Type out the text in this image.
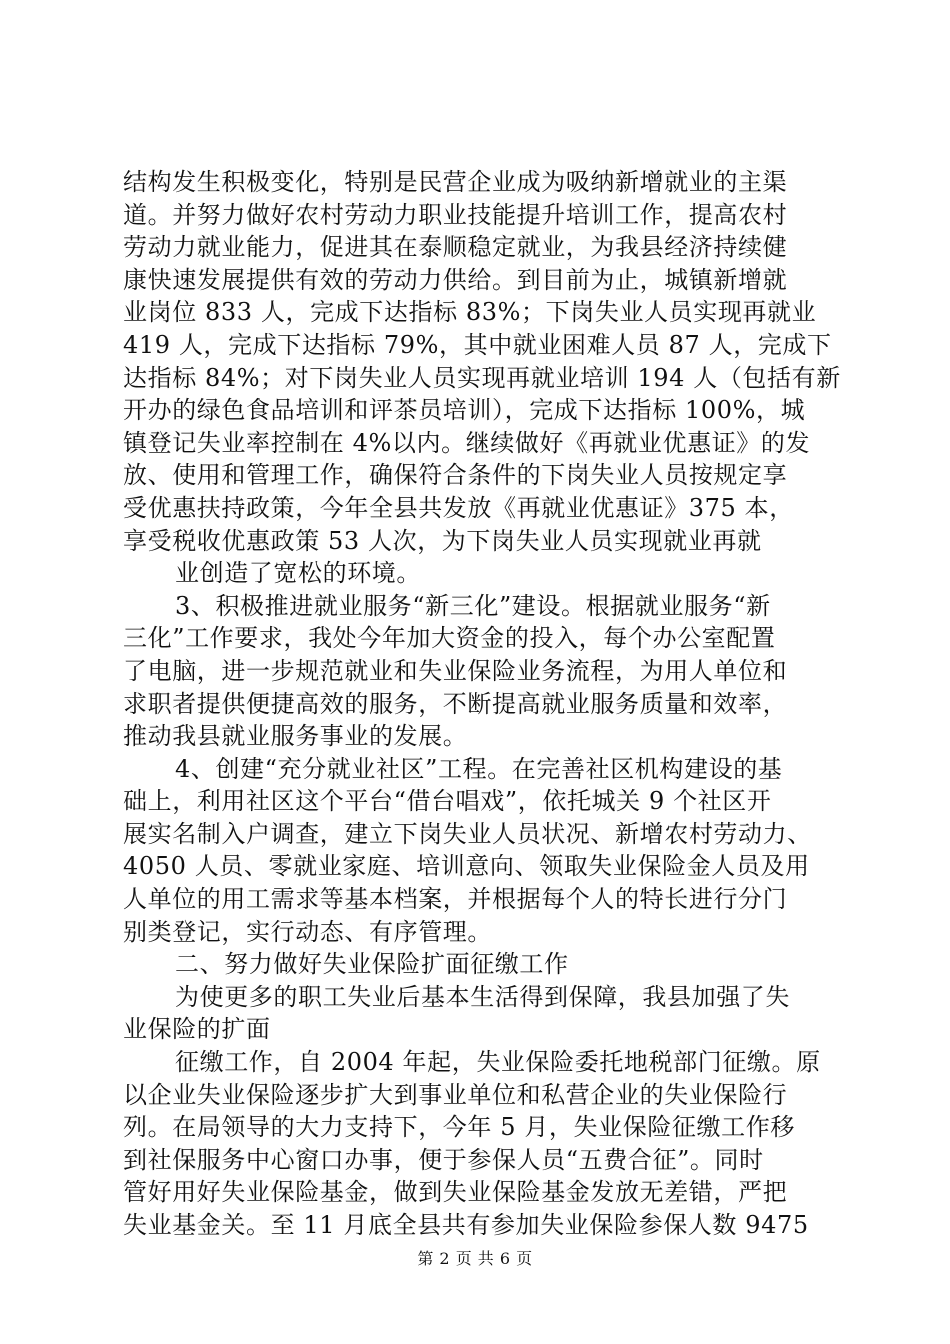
结构发生积极变化，特别是民营企业成为吸纳新增就业的主渠
道。并努力做好农村劳动力职业技能提升培训工作，提高农村
劳动力就业能力，促进其在泰顺稳定就业，为我县经济持续健
康快速发展提供有效的劳动力供给。到目前为止，城镇新增就
业岗位 833 人，完成下达指标 83%；下岗失业人员实现再就业
419 人，完成下达指标 79%，其中就业困难人员 87 人，完成下
达指标 84%；对下岗失业人员实现再就业培训 194 人（包括有新
开办的绿色食品培训和评茶员培训），完成下达指标 100%，城
镇登记失业率控制在 4%以内。继续做好《再就业优惠证》的发
放、使用和管理工作，确保符合条件的下岗失业人员按规定享
受优惠扶持政策，今年全县共发放《再就业优惠证》375 本，
享受税收优惠政策 53 人次，为下岗失业人员实现就业再就
业创造了宽松的环境。
3、积极推进就业服务“新三化”建设。根据就业服务“新
三化”工作要求，我处今年加大资金的投入，每个办公室配置
了电脑，进一步规范就业和失业保险业务流程，为用人单位和
求职者提供便捷高效的服务，不断提高就业服务质量和效率，
推动我县就业服务事业的发展。
4、创建“充分就业社区”工程。在完善社区机构建设的基
础上，利用社区这个平台“借台唱戏”，依托城关 9 个社区开
展实名制入户调查，建立下岗失业人员状况、新增农村劳动力、
4050 人员、零就业家庭、培训意向、领取失业保险金人员及用
人单位的用工需求等基本档案，并根据每个人的特长进行分门
别类登记，实行动态、有序管理。
二、努力做好失业保险扩面征缴工作
为使更多的职工失业后基本生活得到保障，我县加强了失
业保险的扩面
征缴工作，自 2004 年起，失业保险委托地税部门征缴。原
以企业失业保险逐步扩大到事业单位和私营企业的失业保险行
列。在局领导的大力支持下，今年 5 月，失业保险征缴工作移
到社保服务中心窗口办事，便于参保人员“五费合征”。同时
管好用好失业保险基金，做到失业保险基金发放无差错，严把
失业基金关。至 11 月底全县共有参加失业保险参保人数 9475
第 2 页 共 6 页
